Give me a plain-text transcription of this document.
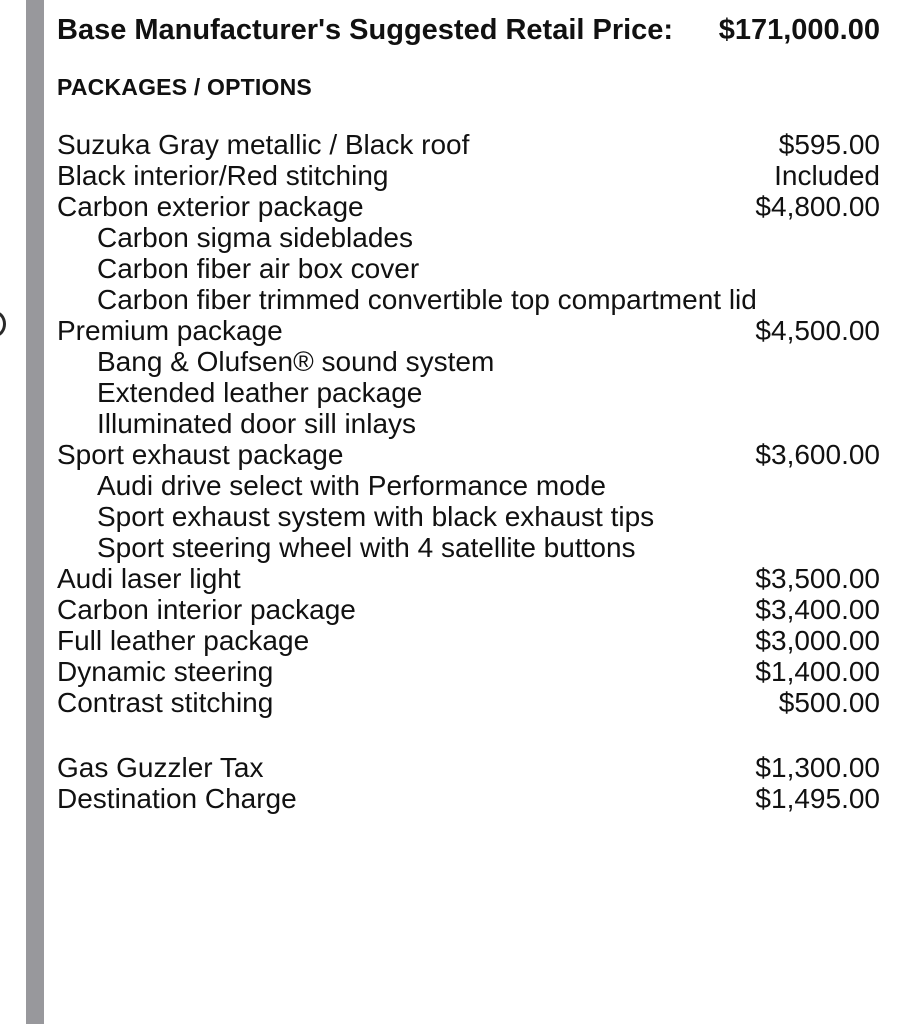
Base Manufacturer's Suggested Retail Price: $171,000.00
PACKAGES / OPTIONS
Suzuka Gray metallic / Black roof	$595.00
Black interior/Red stitching	Included
Carbon exterior package	$4,800.00
Carbon sigma sideblades
Carbon fiber air box cover
Carbon fiber trimmed convertible top compartment lid
Premium package	$4,500.00
Bang & Olufsen® sound system
Extended leather package
Illuminated door sill inlays
Sport exhaust package	$3,600.00
Audi drive select with Performance mode
Sport exhaust system with black exhaust tips
Sport steering wheel with 4 satellite buttons
Audi laser light	$3,500.00
Carbon interior package	$3,400.00
Full leather package	$3,000.00
Dynamic steering	$1,400.00
Contrast stitching	$500.00
Gas Guzzler Tax	$1,300.00
Destination Charge	$1,495.00
